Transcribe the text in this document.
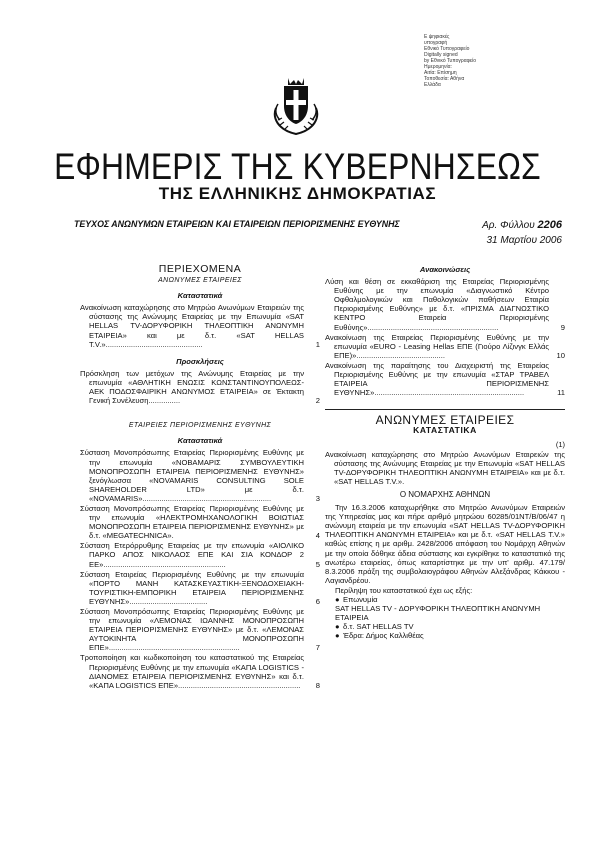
Ε ψηφιακές
υπογραφή
Εθνικό Τυπογραφείο
Digitally signed
by Εθνικό Τυπογραφείο
Ημερομηνία:
Αιτία: Επίσημη
Τοποθεσία: Αθήνα
Ελλάδα
ΕΦΗΜΕΡΙΣ ΤΗΣ ΚΥΒΕΡΝΗΣΕΩΣ
ΤΗΣ ΕΛΛΗΝΙΚΗΣ ΔΗΜΟΚΡΑΤΙΑΣ
ΤΕΥΧΟΣ ΑΝΩΝΥΜΩΝ ΕΤΑΙΡΕΙΩΝ ΚΑΙ ΕΤΑΙΡΕΙΩΝ ΠΕΡΙΟΡΙΣΜΕΝΗΣ ΕΥΘΥΝΗΣ	Αρ. Φύλλου 2206
31 Μαρτίου 2006
ΠΕΡΙΕΧΟΜΕΝΑ
ΑΝΩΝΥΜΕΣ ΕΤΑΙΡΕΙΕΣ
Καταστατικά
Ανακοίνωση καταχώρησης στο Μητρώο Ανωνύμων Εταιρειών της σύστασης της Ανώνυμης Εταιρείας με την Επωνυμία «SAT HELLAS TV-ΔΟΡΥΦΟΡΙΚΗ ΤΗΛΕΟΠΤΙΚΗ ΑΝΩΝΥΜΗ ΕΤΑΙΡΕΙΑ» και με δ.τ. «SAT HELLAS T.V.»..............................................	1
Προσκλήσεις
Πρόσκληση των μετόχων της Ανώνυμης Εταιρείας με την επωνυμία «ΑΘΛΗΤΙΚΗ ΕΝΩΣΙΣ ΚΩΝΣΤΑΝΤΙΝΟΥΠΟΛΕΩΣ-ΑΕΚ ΠΟΔΟΣΦΑΙΡΙΚΗ ΑΝΩΝΥΜΟΣ ΕΤΑΙΡΕΙΑ» σε Έκτακτη Γενική Συνέλευση...............	2
ΕΤΑΙΡΕΙΕΣ ΠΕΡΙΟΡΙΣΜΕΝΗΣ ΕΥΘΥΝΗΣ
Καταστατικά
Σύσταση Μονοπρόσωπης Εταιρείας Περιορισμένης Ευθύνης με την επωνυμία «ΝΟΒΑΜΑΡΙΣ ΣΥΜΒΟΥΛΕΥΤΙΚΗ ΜΟΝΟΠΡΟΣΩΠΗ ΕΤΑΙΡΕΙΑ ΠΕΡΙΟΡΙΣΜΕΝΗΣ ΕΥΘΥΝΗΣ» ξενόγλωσσα «NOVAMARIS CONSULTING SOLE SHAREHOLDER LTD» με δ.τ. «NOVAMARIS».............................................................	3
Σύσταση Μονοπρόσωπης Εταιρείας Περιορισμένης Ευθύνης με την επωνυμία «ΗΛΕΚΤΡΟΜΗΧΑΝΟΛΟΓΙΚΗ ΒΟΙΩΤΙΑΣ ΜΟΝΟΠΡΟΣΩΠΗ ΕΤΑΙΡΕΙΑ ΠΕΡΙΟΡΙΣΜΕΝΗΣ ΕΥΘΥΝΗΣ» με δ.τ. «MEGATECHNICA».	4
Σύσταση Ετερόρρυθμης Εταιρείας με την επωνυμία «ΑΙΟΛΙΚΟ ΠΑΡΚΟ ΑΠΟΣ ΝΙΚΟΛΑΟΣ ΕΠΕ ΚΑΙ ΣΙΑ ΚΟΝΔΟΡ 2 ΕΕ»..........................................................	5
Σύσταση Εταιρείας Περιορισμένης Ευθύνης με την επωνυμία «ΠΟΡΤΟ ΜΑΝΗ ΚΑΤΑΣΚΕΥΑΣΤΙΚΗ-ΞΕΝΟΔΟΧΕΙΑΚΗ-ΤΟΥΡΙΣΤΙΚΗ-ΕΜΠΟΡΙΚΗ ΕΤΑΙΡΕΙΑ ΠΕΡΙΟΡΙΣΜΕΝΗΣ ΕΥΘΥΝΗΣ».....................................	6
Σύσταση Μονοπρόσωπης Εταιρείας Περιορισμένης Ευθύνης με την επωνυμία «ΛΕΜΟΝΑΣ ΙΩΑΝΝΗΣ ΜΟΝΟΠΡΟΣΩΠΗ ΕΤΑΙΡΕΙΑ ΠΕΡΙΟΡΙΣΜΕΝΗΣ ΕΥΘΥΝΗΣ» με δ.τ. «ΛΕΜΟΝΑΣ ΑΥΤΟΚΙΝΗΤΑ ΜΟΝΟΠΡΟΣΩΠΗ ΕΠΕ»..............................................................	7
Τροποποίηση και κωδικοποίηση του καταστατικού της Εταιρείας Περιορισμένης Ευθύνης με την επωνυμία «ΚΑΠΑ LOGISTICS - ΔΙΑΝΟΜΕΣ ΕΤΑΙΡΕΙΑ ΠΕΡΙΟΡΙΣΜΕΝΗΣ ΕΥΘΥΝΗΣ» και δ.τ. «ΚΑΠΑ LOGISTICS ΕΠΕ»..........................................................	8
Ανακοινώσεις
Λύση και θέση σε εκκαθάριση της Εταιρείας Περιορισμένης Ευθύνης με την επωνυμία «Διαγνωστικό Κέντρο Οφθαλμολογικών και Παθολογικών παθήσεων Εταιρία Περιορισμένης Ευθύνης» με δ.τ. «ΠΡΙΣΜΑ ΔΙΑΓΝΩΣΤΙΚΟ ΚΕΝΤΡΟ Εταιρεία Περιορισμένης Ευθύνης»..............................................................	9
Ανακοίνωση της Εταιρείας Περιορισμένης Ευθύνης με την επωνυμία «EURO - Leasing Hellas ΕΠΕ (Γιούρο Λίζινγκ Ελλάς ΕΠΕ)»..........................................	10
Ανακοίνωση της παραίτησης του Διαχειριστή της Εταιρείας Περιορισμένης Ευθύνης με την επωνυμία «ΣΤΑΡ ΤΡΑΒΕΛ ΕΤΑΙΡΕΙΑ ΠΕΡΙΟΡΙΣΜΕΝΗΣ ΕΥΘΥΝΗΣ».......................................................................	11
ΑΝΩΝΥΜΕΣ ΕΤΑΙΡΕΙΕΣ
ΚΑΤΑΣΤΑΤΙΚΑ
(1)
Ανακοίνωση καταχώρησης στο Μητρώο Ανωνύμων Εταιρειών της σύστασης της Ανώνυμης Εταιρείας με την Επωνυμία «SAT HELLAS TV-ΔΟΡΥΦΟΡΙΚΗ ΤΗΛΕΟΠΤΙΚΗ ΑΝΩΝΥΜΗ ΕΤΑΙΡΕΙΑ» και με δ.τ. «SAT HELLAS T.V.».
Ο ΝΟΜΑΡΧΗΣ ΑΘΗΝΩΝ
Την 16.3.2006 καταχωρήθηκε στο Μητρώο Ανωνύμων Εταιρειών της Υπηρεσίας μας και πήρε αριθμό μητρώου 60285/01ΝΤ/Β/06/47 η ανώνυμη εταιρεία με την επωνυμία «SAT HELLAS TV-ΔΟΡΥΦΟΡΙΚΗ ΤΗΛΕΟΠΤΙΚΗ ΑΝΩΝΥΜΗ ΕΤΑΙΡΕΙΑ» και με δ.τ. «SAT HELLAS T.V.» καθώς επίσης η με αριθμ. 2428/2006 απόφαση του Νομάρχη Αθηνών με την οποία δόθηκε άδεια σύστασης και εγκρίθηκε το καταστατικό της ανωτέρω εταιρείας, όπως καταρτίστηκε με την υπ' αριθμ. 47.179/ 8.3.2006 πράξη της συμβολαιογράφου Αθηνών Αλεξάνδρας Κάκκου - Λαγιανδρέου.
Περίληψη του καταστατικού έχει ως εξής:
● Επωνυμία
SAT HELLAS TV - ΔΟΡΥΦΟΡΙΚΗ ΤΗΛΕΟΠΤΙΚΗ ΑΝΩΝΥΜΗ ΕΤΑΙΡΕΙΑ
● δ.τ. SAT HELLAS TV
● Έδρα: Δήμος Καλλιθέας
